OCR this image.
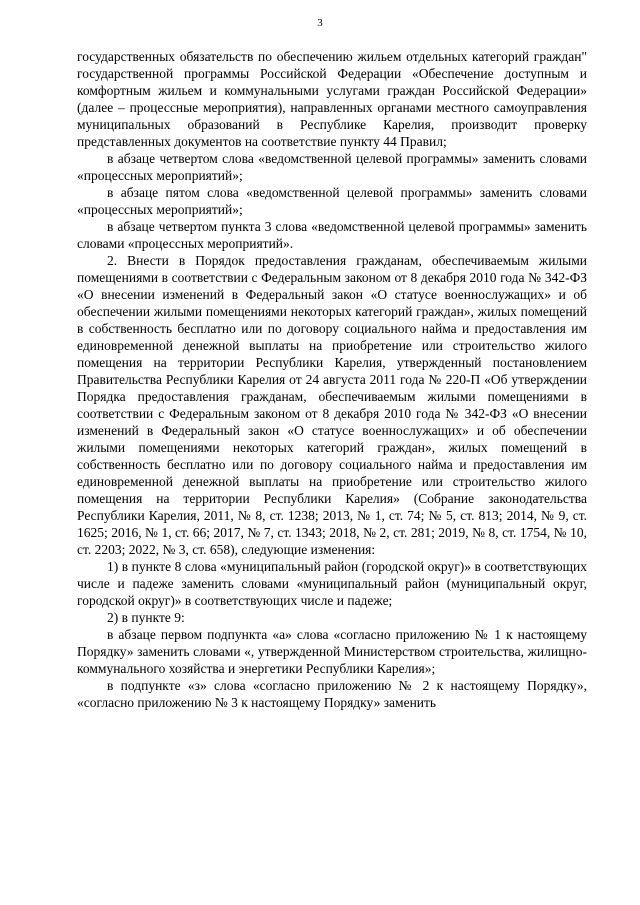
3

государственных обязательств по обеспечению жильем отдельных категорий граждан" государственной программы Российской Федерации «Обеспечение доступным и комфортным жильем и коммунальными услугами граждан Российской Федерации» (далее – процессные мероприятия), направленных органами местного самоуправления муниципальных образований в Республике Карелия, производит проверку представленных документов на соответствие пункту 44 Правил;

в абзаце четвертом слова «ведомственной целевой программы» заменить словами «процессных мероприятий»;

в абзаце пятом слова «ведомственной целевой программы» заменить словами «процессных мероприятий»;

в абзаце четвертом пункта 3 слова «ведомственной целевой программы» заменить словами «процессных мероприятий».

2. Внести в Порядок предоставления гражданам, обеспечиваемым жилыми помещениями в соответствии с Федеральным законом от 8 декабря 2010 года № 342-ФЗ «О внесении изменений в Федеральный закон «О статусе военнослужащих» и об обеспечении жилыми помещениями некоторых категорий граждан», жилых помещений в собственность бесплатно или по договору социального найма и предоставления им единовременной денежной выплаты на приобретение или строительство жилого помещения на территории Республики Карелия, утвержденный постановлением Правительства Республики Карелия от 24 августа 2011 года № 220-П «Об утверждении Порядка предоставления гражданам, обеспечиваемым жилыми помещениями в соответствии с Федеральным законом от 8 декабря 2010 года № 342-ФЗ «О внесении изменений в Федеральный закон «О статусе военнослужащих» и об обеспечении жилыми помещениями некоторых категорий граждан», жилых помещений в собственность бесплатно или по договору социального найма и предоставления им единовременной денежной выплаты на приобретение или строительство жилого помещения на территории Республики Карелия» (Собрание законодательства Республики Карелия, 2011, № 8, ст. 1238; 2013, № 1, ст. 74; № 5, ст. 813; 2014, № 9, ст. 1625; 2016, № 1, ст. 66; 2017, № 7, ст. 1343; 2018, № 2, ст. 281; 2019, № 8, ст. 1754, № 10, ст. 2203; 2022, № 3, ст. 658), следующие изменения:

1) в пункте 8 слова «муниципальный район (городской округ)» в соответствующих числе и падеже заменить словами «муниципальный район (муниципальный округ, городской округ)» в соответствующих числе и падеже;

2) в пункте 9:

в абзаце первом подпункта «а» слова «согласно приложению № 1 к настоящему Порядку» заменить словами «, утвержденной Министерством строительства, жилищно-коммунального хозяйства и энергетики Республики Карелия»;

в подпункте «з» слова «согласно приложению № 2 к настоящему Порядку», «согласно приложению № 3 к настоящему Порядку» заменить
